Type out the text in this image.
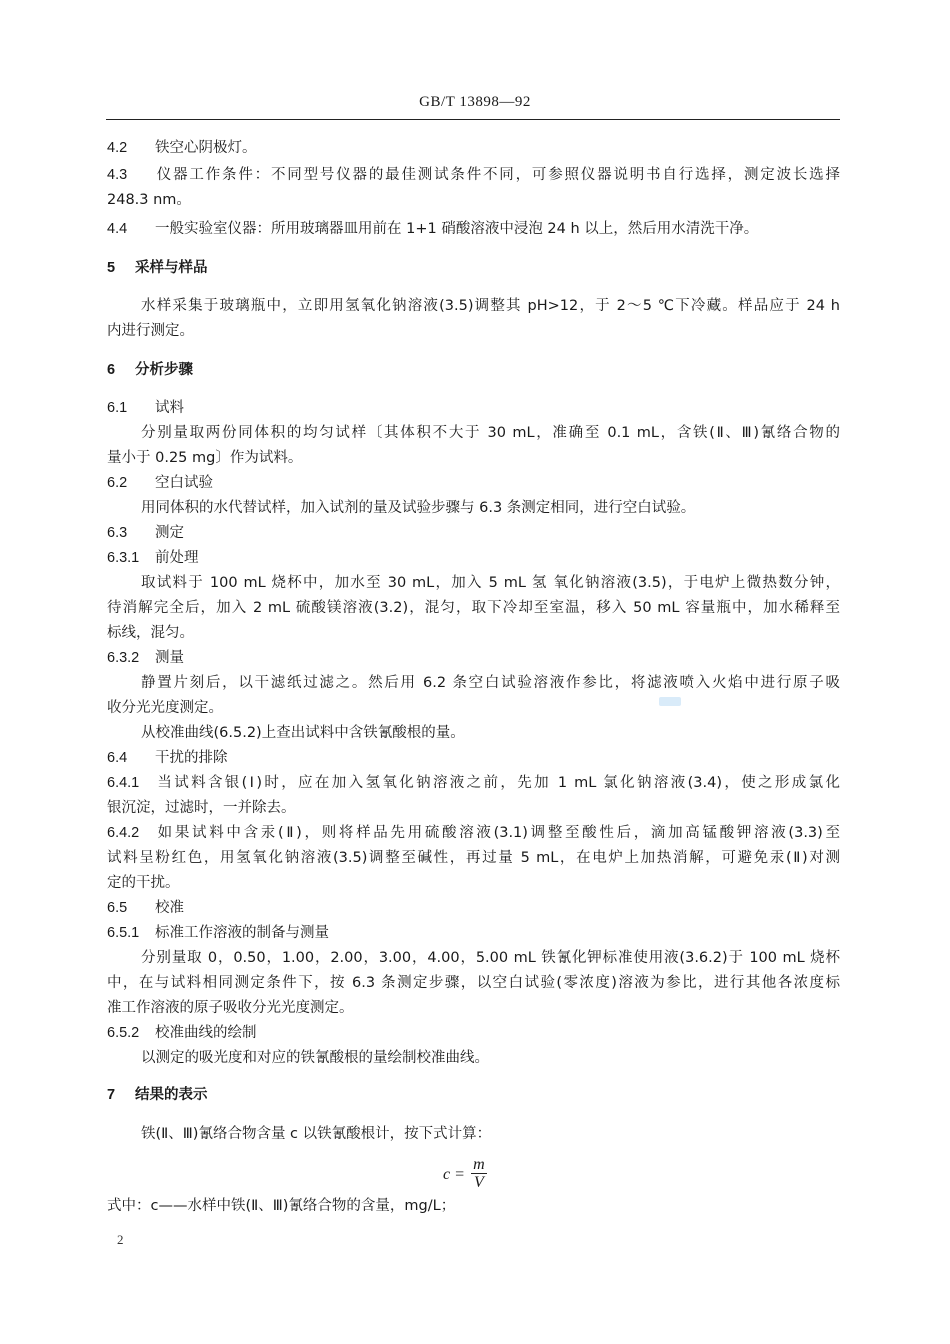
GB/T 13898—92
4.2 铁空心阴极灯。
4.3 仪器工作条件：不同型号仪器的最佳测试条件不同，可参照仪器说明书自行选择，测定波长选择
248.3 nm。
4.4 一般实验室仪器：所用玻璃器皿用前在 1+1 硝酸溶液中浸泡 24 h 以上，然后用水清洗干净。
5 采样与样品
水样采集于玻璃瓶中，立即用氢氧化钠溶液(3.5)调整其 pH>12，于 2～5 ℃下冷藏。样品应于 24 h
内进行测定。
6 分析步骤
6.1 试料
分别量取两份同体积的均匀试样〔其体积不大于 30 mL，准确至 0.1 mL，含铁(Ⅱ、Ⅲ)氰络合物的
量小于 0.25 mg〕作为试料。
6.2 空白试验
用同体积的水代替试样，加入试剂的量及试验步骤与 6.3 条测定相同，进行空白试验。
6.3 测定
6.3.1 前处理
取试料于 100 mL 烧杯中，加水至 30 mL，加入 5 mL 氢 氧化钠溶液(3.5)，于电炉上微热数分钟，
待消解完全后，加入 2 mL 硫酸镁溶液(3.2)，混匀，取下冷却至室温，移入 50 mL 容量瓶中，加水稀释至
标线，混匀。
6.3.2 测量
静置片刻后，以干滤纸过滤之。然后用 6.2 条空白试验溶液作参比，将滤液喷入火焰中进行原子吸
收分光光度测定。
从校准曲线(6.5.2)上查出试料中含铁氰酸根的量。
6.4 干扰的排除
6.4.1 当试料含银(Ⅰ)时，应在加入氢氧化钠溶液之前，先加 1 mL 氯化钠溶液(3.4)，使之形成氯化
银沉淀，过滤时，一并除去。
6.4.2 如果试料中含汞(Ⅱ)，则将样品先用硫酸溶液(3.1)调整至酸性后，滴加高锰酸钾溶液(3.3)至
试料呈粉红色，用氢氧化钠溶液(3.5)调整至碱性，再过量 5 mL，在电炉上加热消解，可避免汞(Ⅱ)对测
定的干扰。
6.5 校准
6.5.1 标准工作溶液的制备与测量
分别量取 0，0.50，1.00，2.00，3.00，4.00，5.00 mL 铁氰化钾标准使用液(3.6.2)于 100 mL 烧杯
中，在与试料相同测定条件下，按 6.3 条测定步骤，以空白试验(零浓度)溶液为参比，进行其他各浓度标
准工作溶液的原子吸收分光光度测定。
6.5.2 校准曲线的绘制
以测定的吸光度和对应的铁氰酸根的量绘制校准曲线。
7 结果的表示
铁(Ⅱ、Ⅲ)氰络合物含量 c 以铁氰酸根计，按下式计算：
$c = \frac{m}{V}$
式中：c——水样中铁(Ⅱ、Ⅲ)氰络合物的含量，mg/L；
2
